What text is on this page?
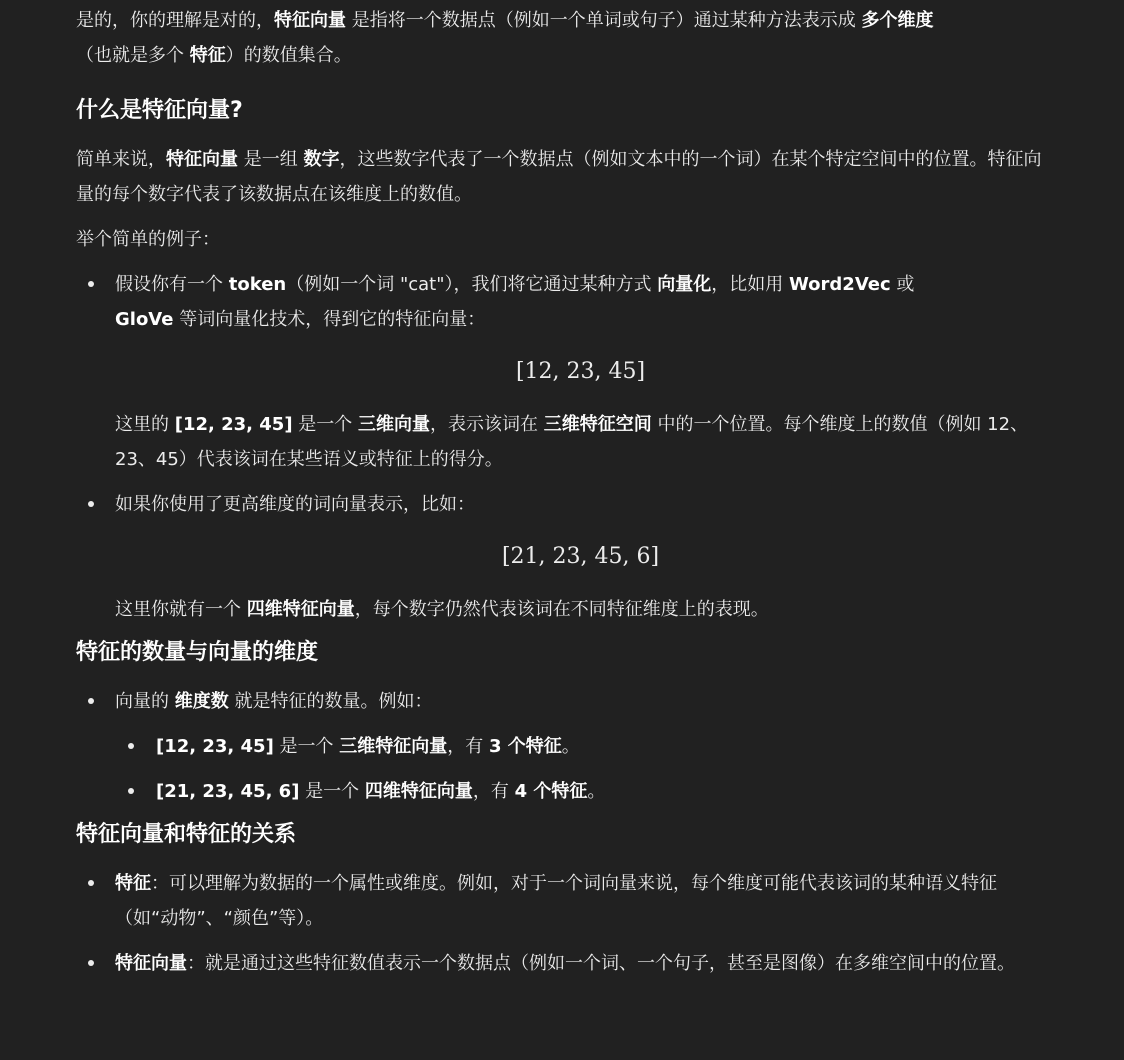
是的，你的理解是对的，特征向量 是指将一个数据点（例如一个单词或句子）通过某种方法表示成 多个维度
（也就是多个 特征）的数值集合。

什么是特征向量?

简单来说，特征向量 是一组 数字，这些数字代表了一个数据点（例如文本中的一个词）在某个特定空间中的位置。特征向量的每个数字代表了该数据点在该维度上的数值。

举个简单的例子：

假设你有一个 token（例如一个词 "cat"），我们将它通过某种方式 向量化，比如用 Word2Vec 或
GloVe 等词向量化技术，得到它的特征向量：

[12, 23, 45]

这里的 [12, 23, 45] 是一个 三维向量，表示该词在 三维特征空间 中的一个位置。每个维度上的数值（例如 12、23、45）代表该词在某些语义或特征上的得分。

如果你使用了更高维度的词向量表示，比如：

[21, 23, 45, 6]

这里你就有一个 四维特征向量，每个数字仍然代表该词在不同特征维度上的表现。

特征的数量与向量的维度

向量的 维度数 就是特征的数量。例如：

[12, 23, 45] 是一个 三维特征向量，有 3 个特征。

[21, 23, 45, 6] 是一个 四维特征向量，有 4 个特征。

特征向量和特征的关系

特征：可以理解为数据的一个属性或维度。例如，对于一个词向量来说，每个维度可能代表该词的某种语义特征（如“动物”、“颜色”等）。

特征向量：就是通过这些特征数值表示一个数据点（例如一个词、一个句子，甚至是图像）在多维空间中的位置。
